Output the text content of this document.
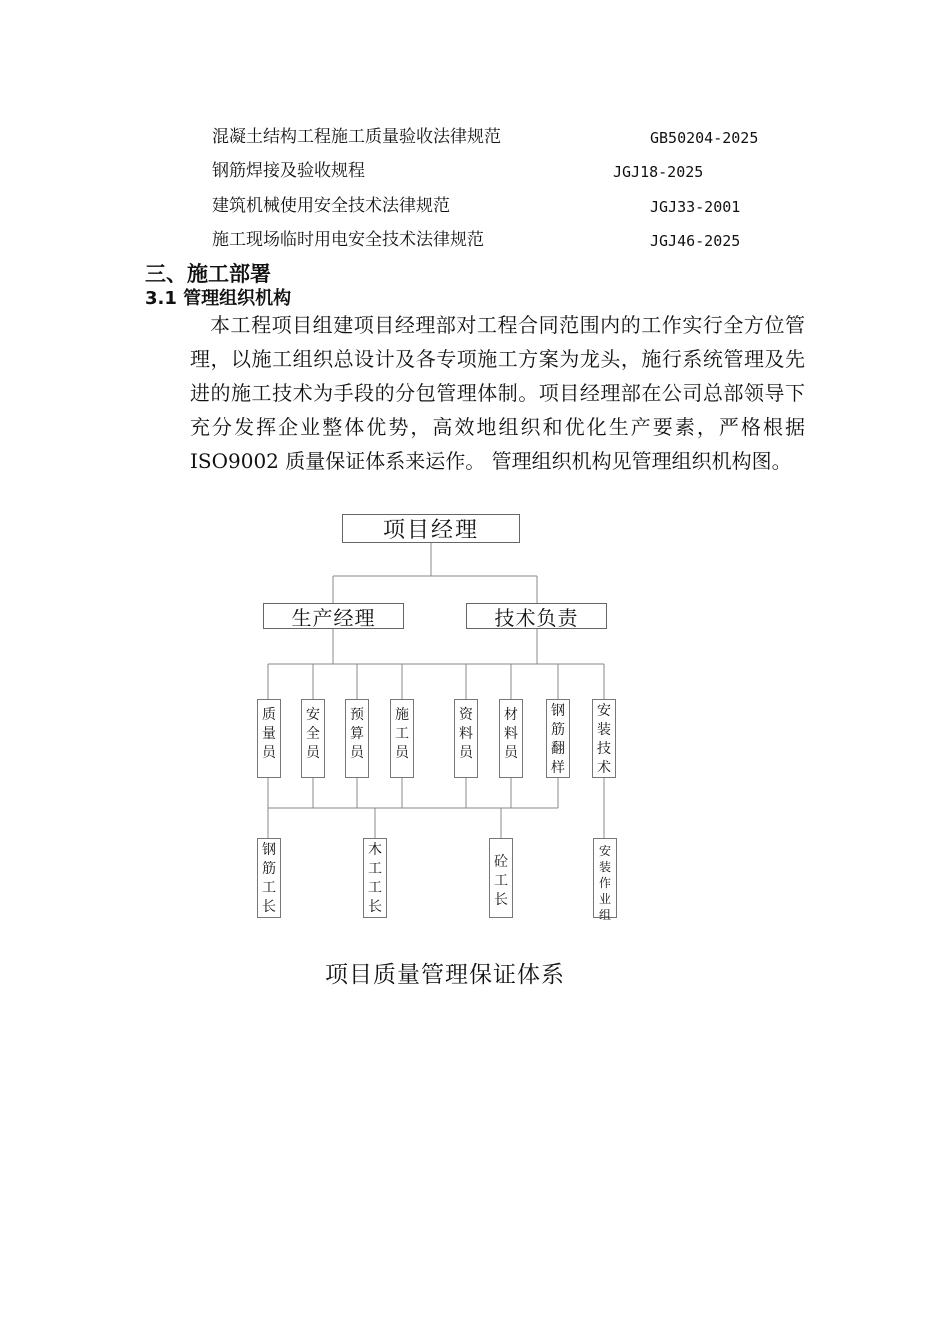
混凝土结构工程施工质量验收法律规范	GB50204-2025
钢筋焊接及验收规程	JGJ18-2025
建筑机械使用安全技术法律规范	JGJ33-2001
施工现场临时用电安全技术法律规范	JGJ46-2025
三、施工部署
3.1 管理组织机构
本工程项目组建项目经理部对工程合同范围内的工作实行全方位管理，以施工组织总设计及各专项施工方案为龙头，施行系统管理及先进的施工技术为手段的分包管理体制。项目经理部在公司总部领导下充分发挥企业整体优势，高效地组织和优化生产要素，严格根据 ISO9002 质量保证体系来运作。 管理组织机构见管理组织机构图。
项目经理
生产经理	技术负责
质量员
安全员
预算员
施工员
资料员
材料员
钢筋翻样
安装技术
钢筋工长
木工工长
砼工长
安装作业组
项目质量管理保证体系
